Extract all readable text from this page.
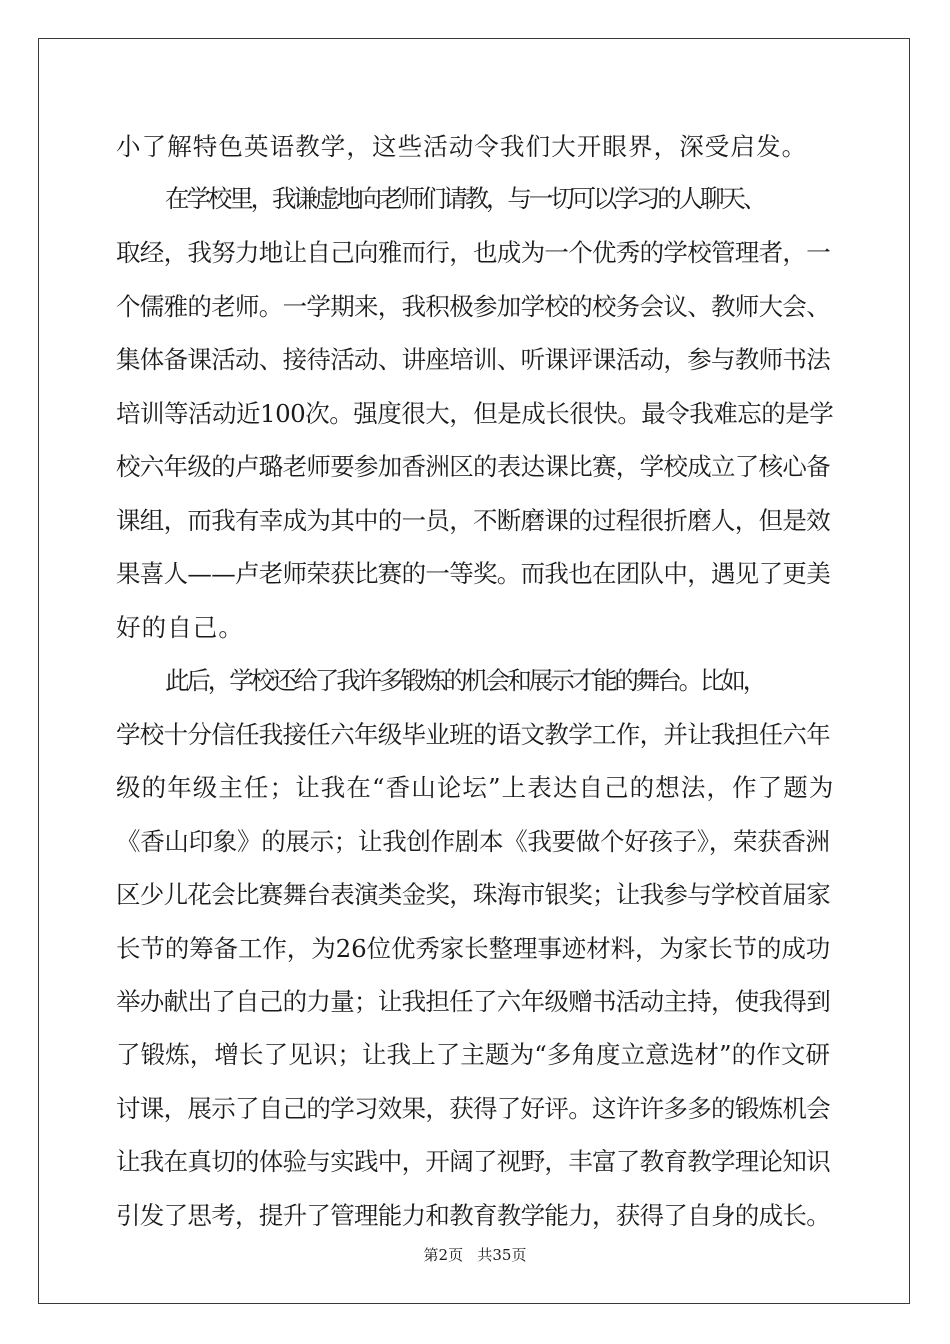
小了解特色英语教学，这些活动令我们大开眼界，深受启发。
在学校里，我谦虚地向老师们请教，与一切可以学习的人聊天、
取经，我努力地让自己向雅而行，也成为一个优秀的学校管理者，一
个儒雅的老师。一学期来，我积极参加学校的校务会议、教师大会、
集体备课活动、接待活动、讲座培训、听课评课活动，参与教师书法
培训等活动近100次。强度很大，但是成长很快。最令我难忘的是学
校六年级的卢璐老师要参加香洲区的表达课比赛，学校成立了核心备
课组，而我有幸成为其中的一员，不断磨课的过程很折磨人，但是效
果喜人——卢老师荣获比赛的一等奖。而我也在团队中，遇见了更美
好的自己。
此后，学校还给了我许多锻炼的机会和展示才能的舞台。比如，
学校十分信任我接任六年级毕业班的语文教学工作，并让我担任六年
级的年级主任；让我在“香山论坛”上表达自己的想法，作了题为
《香山印象》的展示；让我创作剧本《我要做个好孩子》，荣获香洲
区少儿花会比赛舞台表演类金奖，珠海市银奖；让我参与学校首届家
长节的筹备工作，为26位优秀家长整理事迹材料，为家长节的成功
举办献出了自己的力量；让我担任了六年级赠书活动主持，使我得到
了锻炼，增长了见识；让我上了主题为“多角度立意选材”的作文研
讨课，展示了自己的学习效果，获得了好评。这许许多多的锻炼机会
让我在真切的体验与实践中，开阔了视野，丰富了教育教学理论知识
引发了思考，提升了管理能力和教育教学能力，获得了自身的成长。
第2页   共35页
